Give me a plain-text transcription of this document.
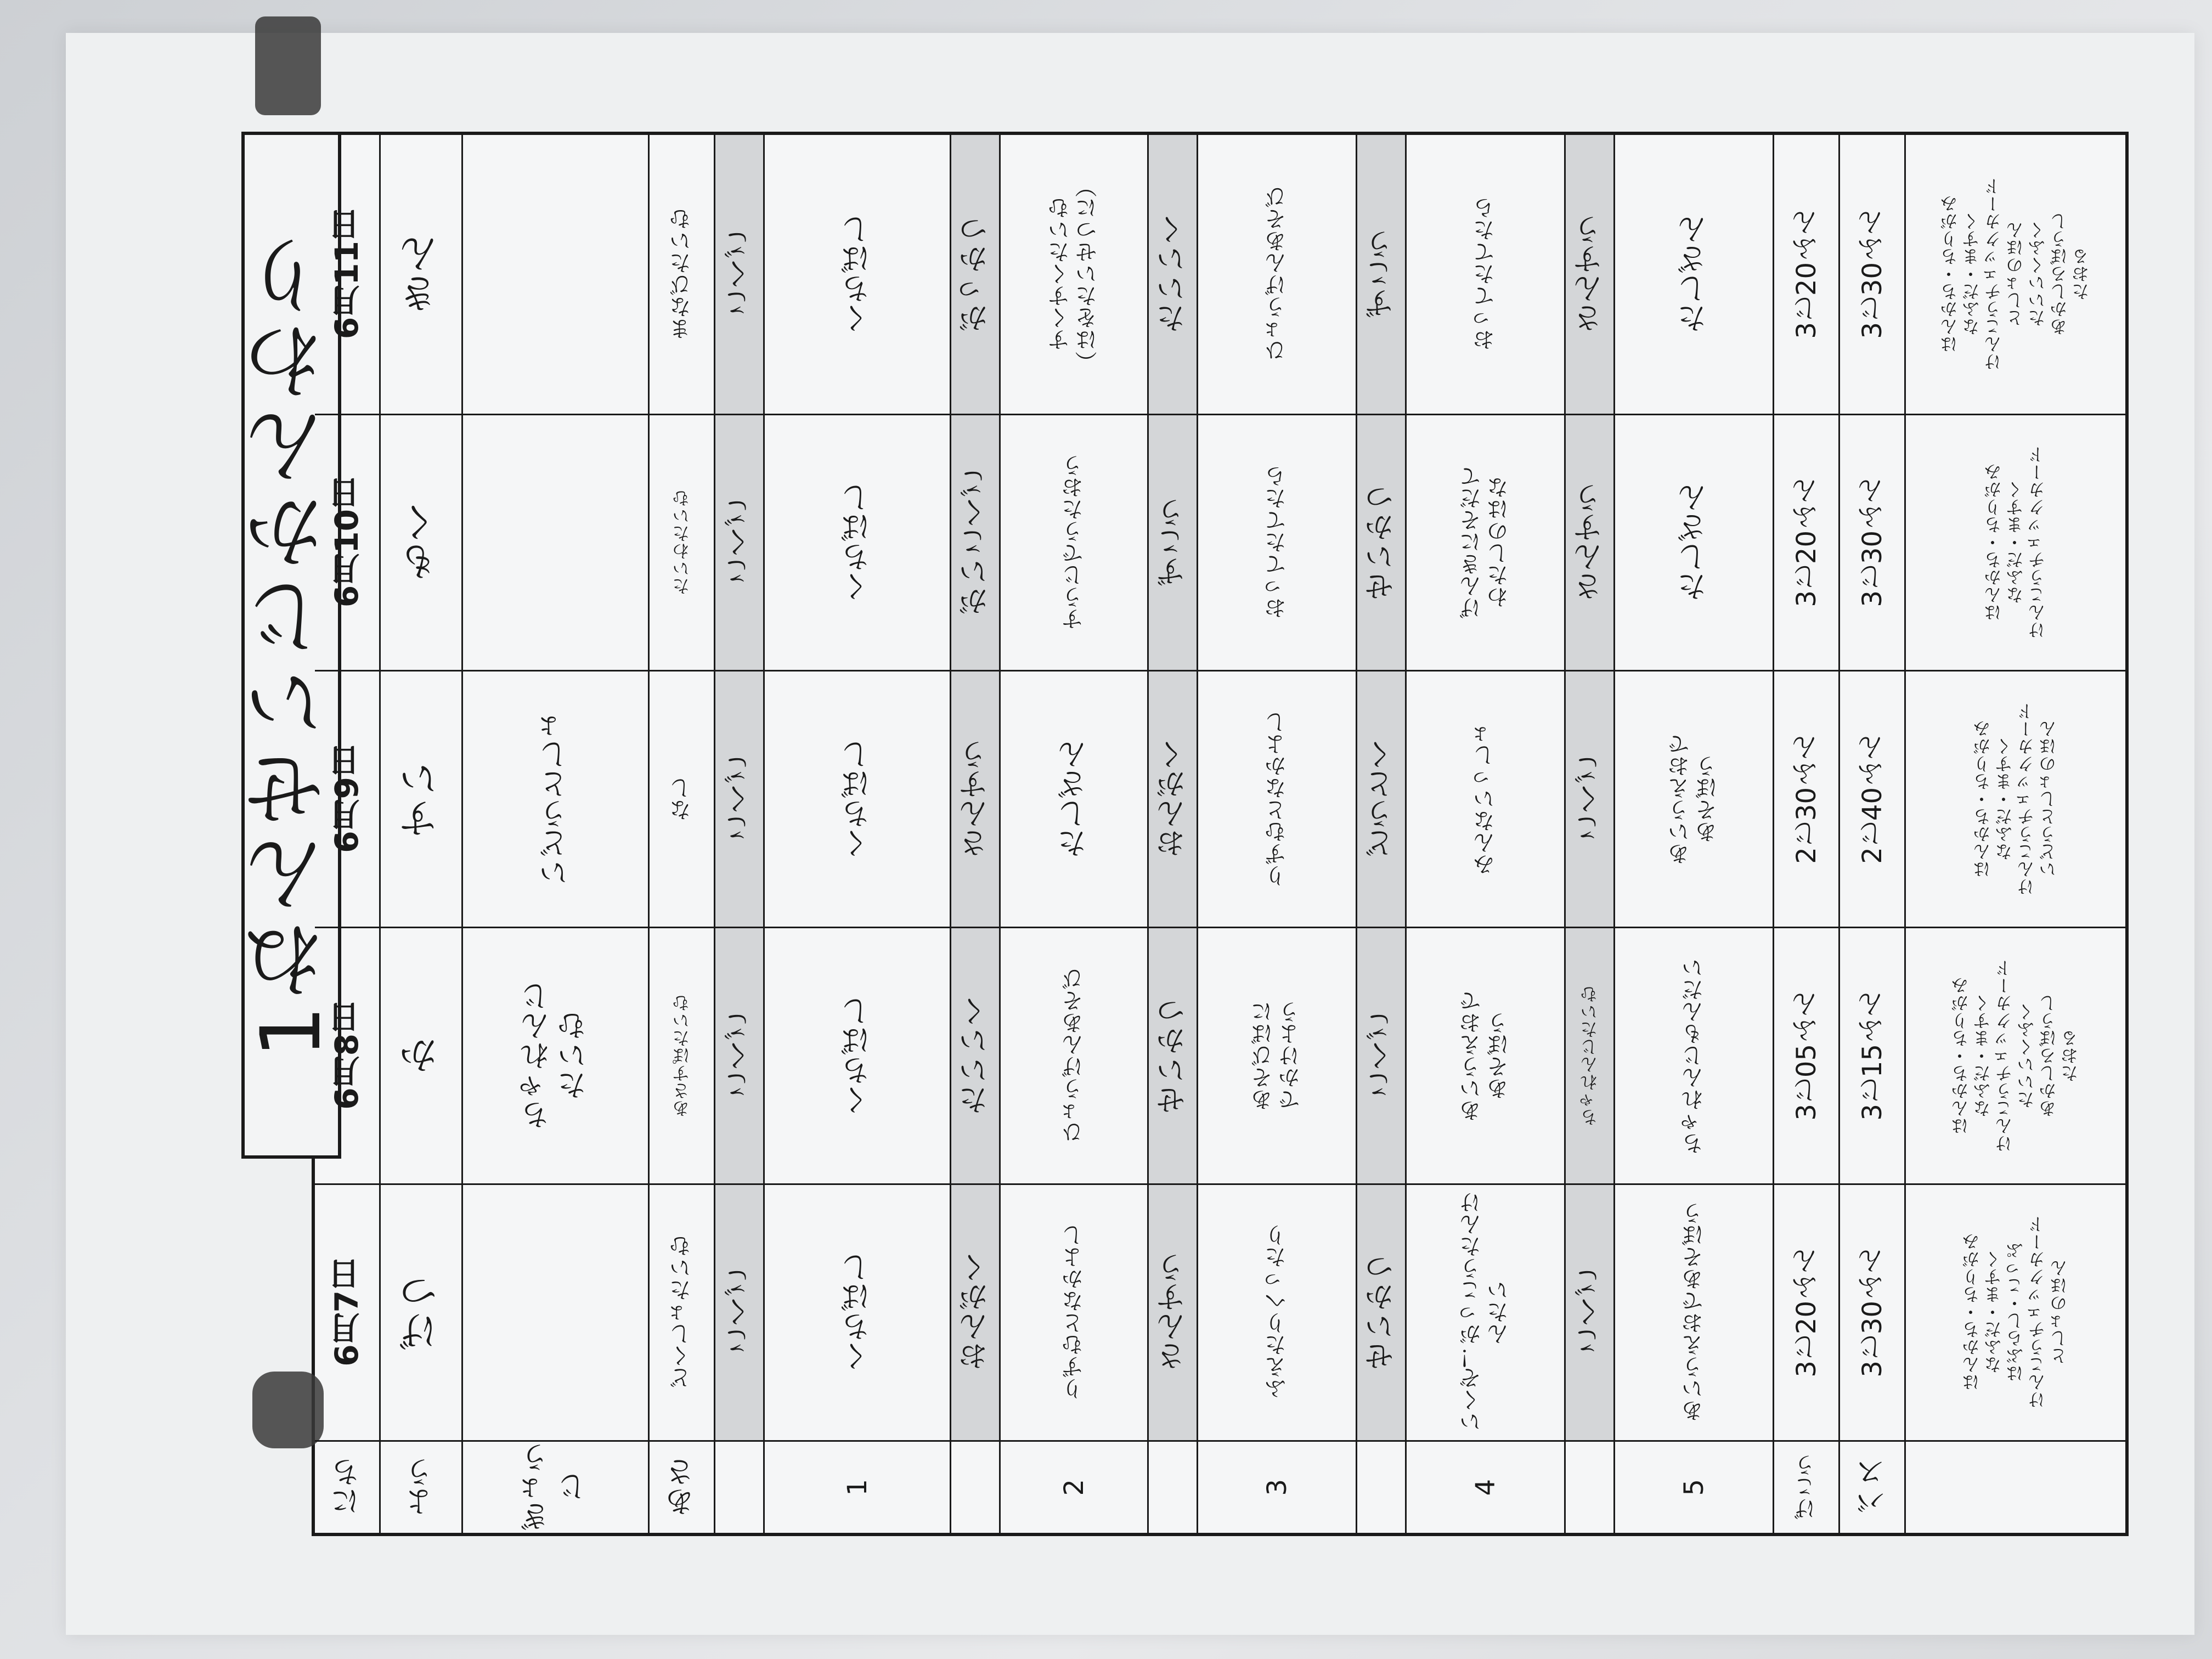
1ねんせいじかんわり
にち
6月7日
6月8日
6月9日
6月10日
6月11日
よう
げつ
か
すい
もく
きん
ぎょうじ
ちゃれんじ
たいむ
いどうとしょ
あさ
どくしょたいむ
あさすぽたいむ
なし
たいわたいむ
まなびたいむ
こくご
こくご
こくご
こくご
こくご
1
くちばし
くちばし
くちばし
くちばし
くちばし
おんがく
たいいく
さんすう
がいこくご
がっかつ
2
りずむとなかよし
ひょうげんあそび
たしざん
すうじでうたおう
すくすくたいむ
（はをたいせつに）
さんすう
せいかつ
おんがく
ずこう
たいいく
3
ふえたりへったり
あそびばに
でかけよう
りずむとなかよし
おってたてたら
ひょうげんあそび
せいかつ
こくご
どうとく
せいかつ
ずこう
4
いくぞ！がっこうたんけんたい
あいうえおで
あそぼう
みんないっしょ
げんきにそだて
わたしのはな
おってたてたら
こくご
ちゃれんじたいむ
こくご
さんすう
さんすう
5
あいうえおであそぼう
ちゃれんじもんだい
あいうえおで
あそぼう
たしざん
たしざん
げこう
3じ20ふん
3じ05ふん
2じ30ふん
3じ20ふん
3じ20ふん
バス
3じ30ふん
3じ15ふん
2じ40ふん
3じ30ふん
3じ30ふん
はんかち・ちりがみ
なふだ・ますく
はぶらし・こっぷ
けんこうチェックカード
としょのほん
はんかち・ちりがみ
なふだ・ますく
けんこうチェックカード
たいいくふく
あかしろぼうし
たおる
はんかち・ちりがみ
なふだ・ますく
けんこうチェックカード
いどうとしょのほん
はんかち・ちりがみ
なふだ・ますく
けんこうチェックカード
はんかち・ちりがみ
なふだ・ますく
けんこうチェックカード
としょのほん
たいいくふく
あかしろぼうし
たおる
